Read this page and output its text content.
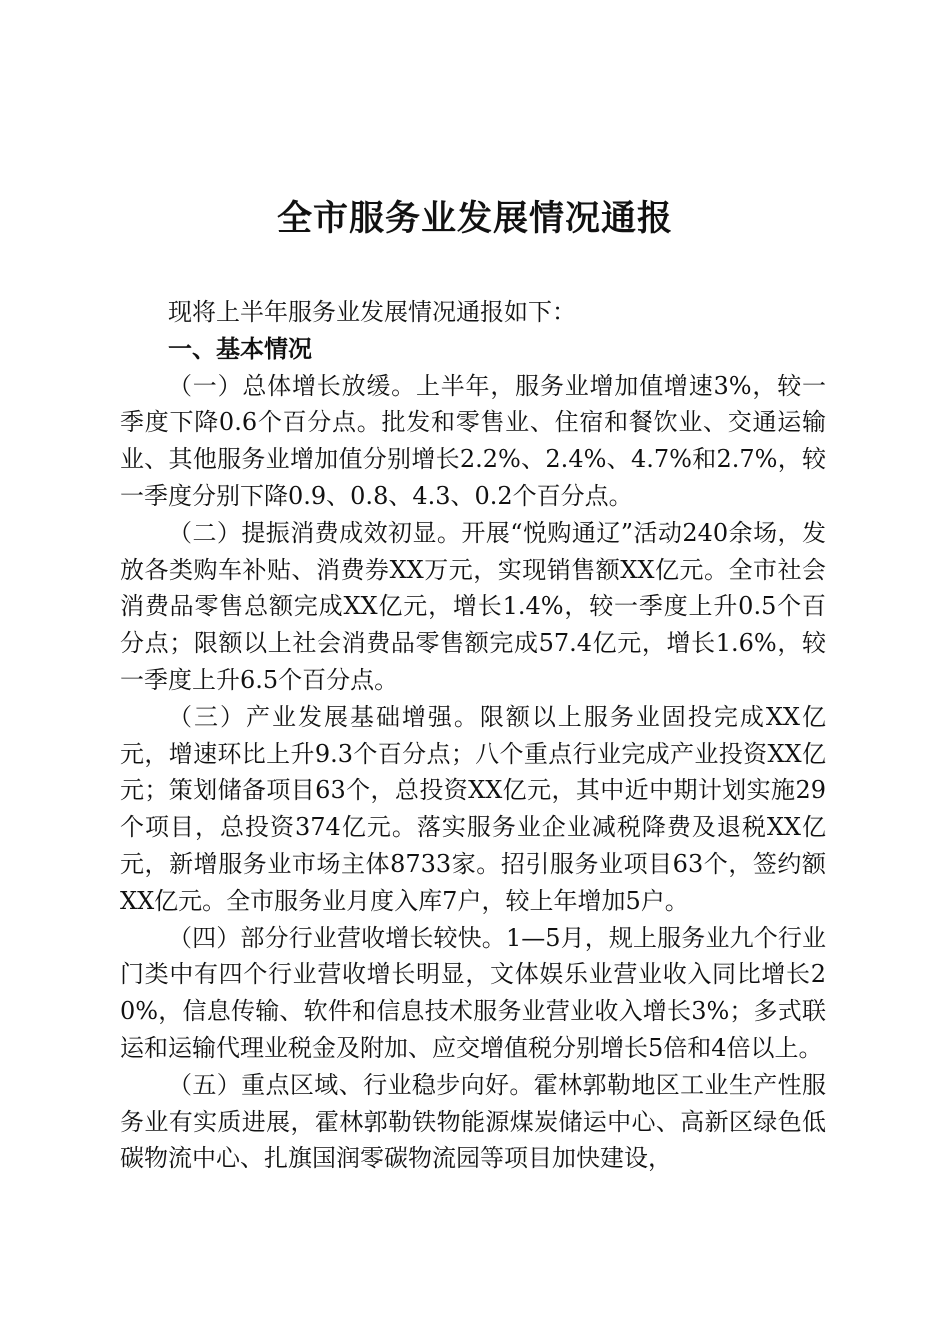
全市服务业发展情况通报

现将上半年服务业发展情况通报如下：

一、基本情况

（一）总体增长放缓。上半年，服务业增加值增速3%，较一季度下降0.6个百分点。批发和零售业、住宿和餐饮业、交通运输业、其他服务业增加值分别增长2.2%、2.4%、4.7%和2.7%，较一季度分别下降0.9、0.8、4.3、0.2个百分点。

（二）提振消费成效初显。开展“悦购通辽”活动240余场，发放各类购车补贴、消费券XX万元，实现销售额XX亿元。全市社会消费品零售总额完成XX亿元，增长1.4%，较一季度上升0.5个百分点；限额以上社会消费品零售额完成57.4亿元，增长1.6%，较一季度上升6.5个百分点。

（三）产业发展基础增强。限额以上服务业固投完成XX亿元，增速环比上升9.3个百分点；八个重点行业完成产业投资XX亿元；策划储备项目63个，总投资XX亿元，其中近中期计划实施29个项目，总投资374亿元。落实服务业企业减税降费及退税XX亿元，新增服务业市场主体8733家。招引服务业项目63个，签约额XX亿元。全市服务业月度入库7户，较上年增加5户。

（四）部分行业营收增长较快。1—5月，规上服务业九个行业门类中有四个行业营收增长明显，文体娱乐业营业收入同比增长20%，信息传输、软件和信息技术服务业营业收入增长3%；多式联运和运输代理业税金及附加、应交增值税分别增长5倍和4倍以上。

（五）重点区域、行业稳步向好。霍林郭勒地区工业生产性服务业有实质进展，霍林郭勒铁物能源煤炭储运中心、高新区绿色低碳物流中心、扎旗国润零碳物流园等项目加快建设，
